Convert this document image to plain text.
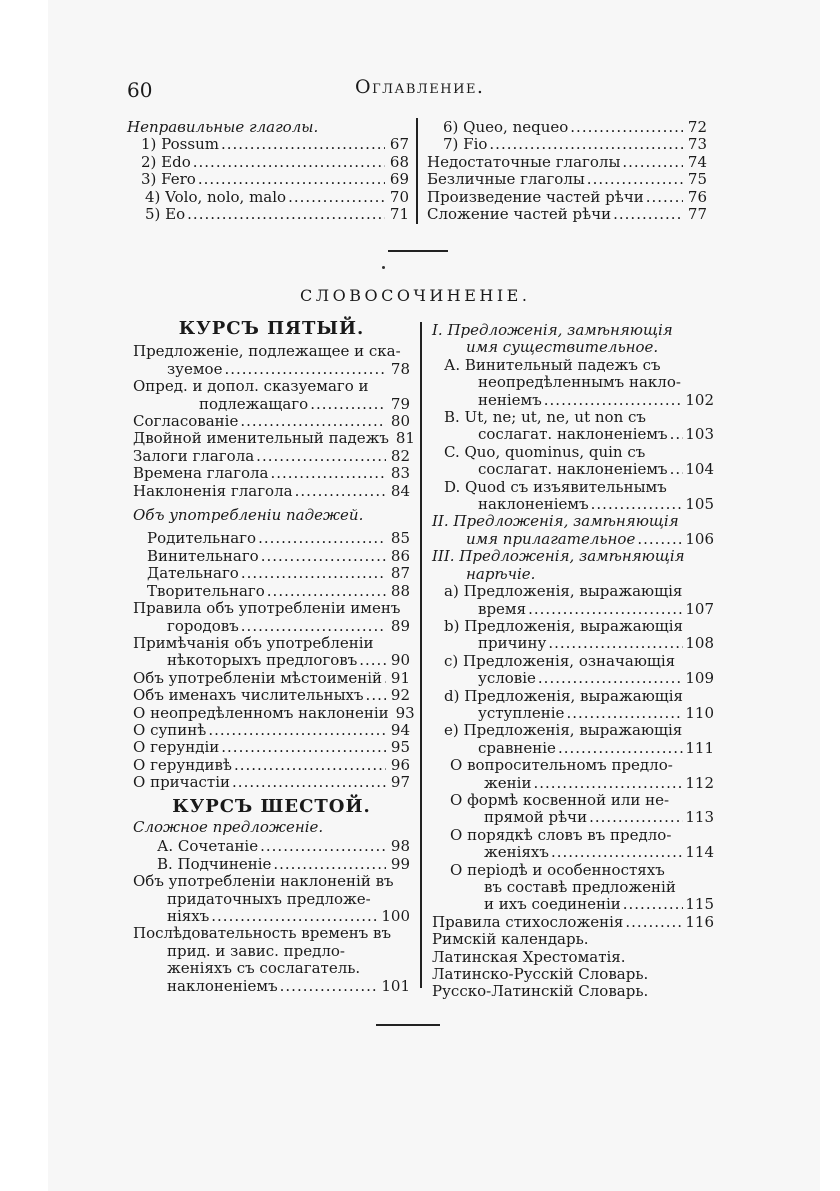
60	Оглавление.
Неправильные глаголы.
1) Possum .....	67
2) Edo .....	68
3) Fero .....	69
4) Volo, nolo, malo .....	70
5) Eo .....	71
6) Queo, nequeo .....	72
7) Fio .....	73
Недостаточные глаголы .....	74
Безличные глаголы .....	75
Произведение частей рѣчи .....	76
Сложение частей рѣчи .....	77
СЛОВОСОЧИНЕНІЕ.
КУРСЪ ПЯТЫЙ.
Предложеніе, подлежащее и ска-
зуемое .....	78
Опред. и допол. сказуемаго и
подлежащаго .....	79
Согласованіе .....	80
Двойной именительный падежъ 81
Залоги глагола .....	82
Времена глагола .....	83
Наклоненія глагола .....	84
Объ употребленіи падежей.
Родительнаго .....	85
Винительнаго .....	86
Дательнаго .....	87
Творительнаго .....	88
Правила объ употребленіи именъ
городовъ .....	89
Примѣчанія объ употребленіи
нѣкоторыхъ предлоговъ ..... 90
Объ употребленіи мѣстоименій ..... 91
Объ именахъ числительныхъ ..... 92
О неопредѣленномъ наклоненіи 93
О супинѣ .....	94
О герундіи .....	95
О герундивѣ .....	96
О причастіи .....	97
КУРСЪ ШЕСТОЙ.
Сложное предложеніе.
А. Сочетаніе .....	98
В. Подчиненіе .....	99
Объ употребленіи наклоненій въ
придаточныхъ предложе-
ніяхъ .....	100
Послѣдовательность временъ въ
прид. и завис. предло-
женіяхъ съ сослагатель.
наклоненіемъ .....	101
I. Предложенія, замѣняющія
имя существительное.
А. Винительный падежъ съ
неопредѣленнымъ накло-
неніемъ .....	102
B. Ut, ne; ut, ne, ut non съ
сослагат. наклоненіемъ ..... 103
C. Quo, quominus, quin съ
сослагат. наклоненіемъ ..... 104
D. Quod съ изъявительнымъ
наклоненіемъ .....	105
II. Предложенія, замѣняющія
имя прилагательное .....	106
III. Предложенія, замѣняющія
нарѣчіе.
а) Предложенія, выражающія
время .....	107
b) Предложенія, выражающія
причину .....	108
c) Предложенія, означающія
условіе .....	109
d) Предложенія, выражающія
уступленіе .....	110
e) Предложенія, выражающія
сравненіе .....	111
О вопросительномъ предло-
женіи .....	112
О формѣ косвенной или не-
прямой рѣчи .....	113
О порядкѣ словъ въ предло-
женіяхъ .....	114
О періодѣ и особенностяхъ
въ составѣ предложеній
и ихъ соединеніи .....	115
Правила стихосложенія .....	116
Римскій календарь.
Латинская Хрестоматія.
Латинско-Русскій Словарь.
Русско-Латинскій Словарь.
